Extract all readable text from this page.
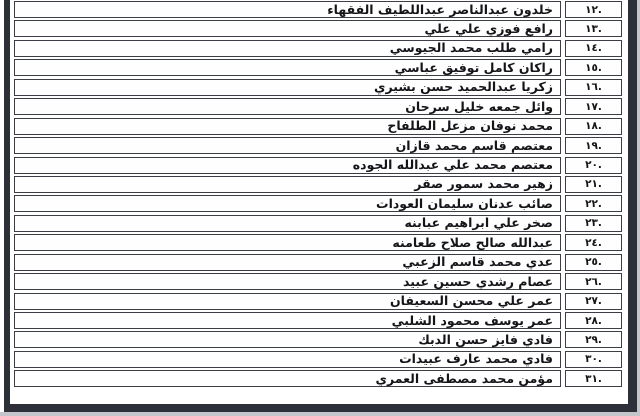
١٢.
خلدون عبدالناصر عبداللطيف الفقهاء
١٣.
رافع فوزي علي علي
١٤.
رامي طلب محمد الجيوسي
١٥.
راكان كامل توفيق عباسي
١٦.
زكريا عبدالحميد حسن بشيري
١٧.
وائل جمعه خليل سرحان
١٨.
محمد نوفان مزعل الطلفاح
١٩.
معتصم قاسم محمد قازان
٢٠.
معتصم محمد علي عبدالله الجوده
٢١.
زهير محمد سمور صقر
٢٢.
صائب عدنان سليمان العودات
٢٣.
صخر علي ابراهيم عبابنه
٢٤.
عبدالله صالح صلاح طعامنه
٢٥.
عدي محمد قاسم الزعبي
٢٦.
عصام رشدي حسين عبيد
٢٧.
عمر علي محسن السعيفان
٢٨.
عمر يوسف محمود الشلبي
٢٩.
فادي فايز حسن الدبك
٣٠.
فادي محمد عارف عبيدات
٣١.
مؤمن محمد مصطفى العمري
